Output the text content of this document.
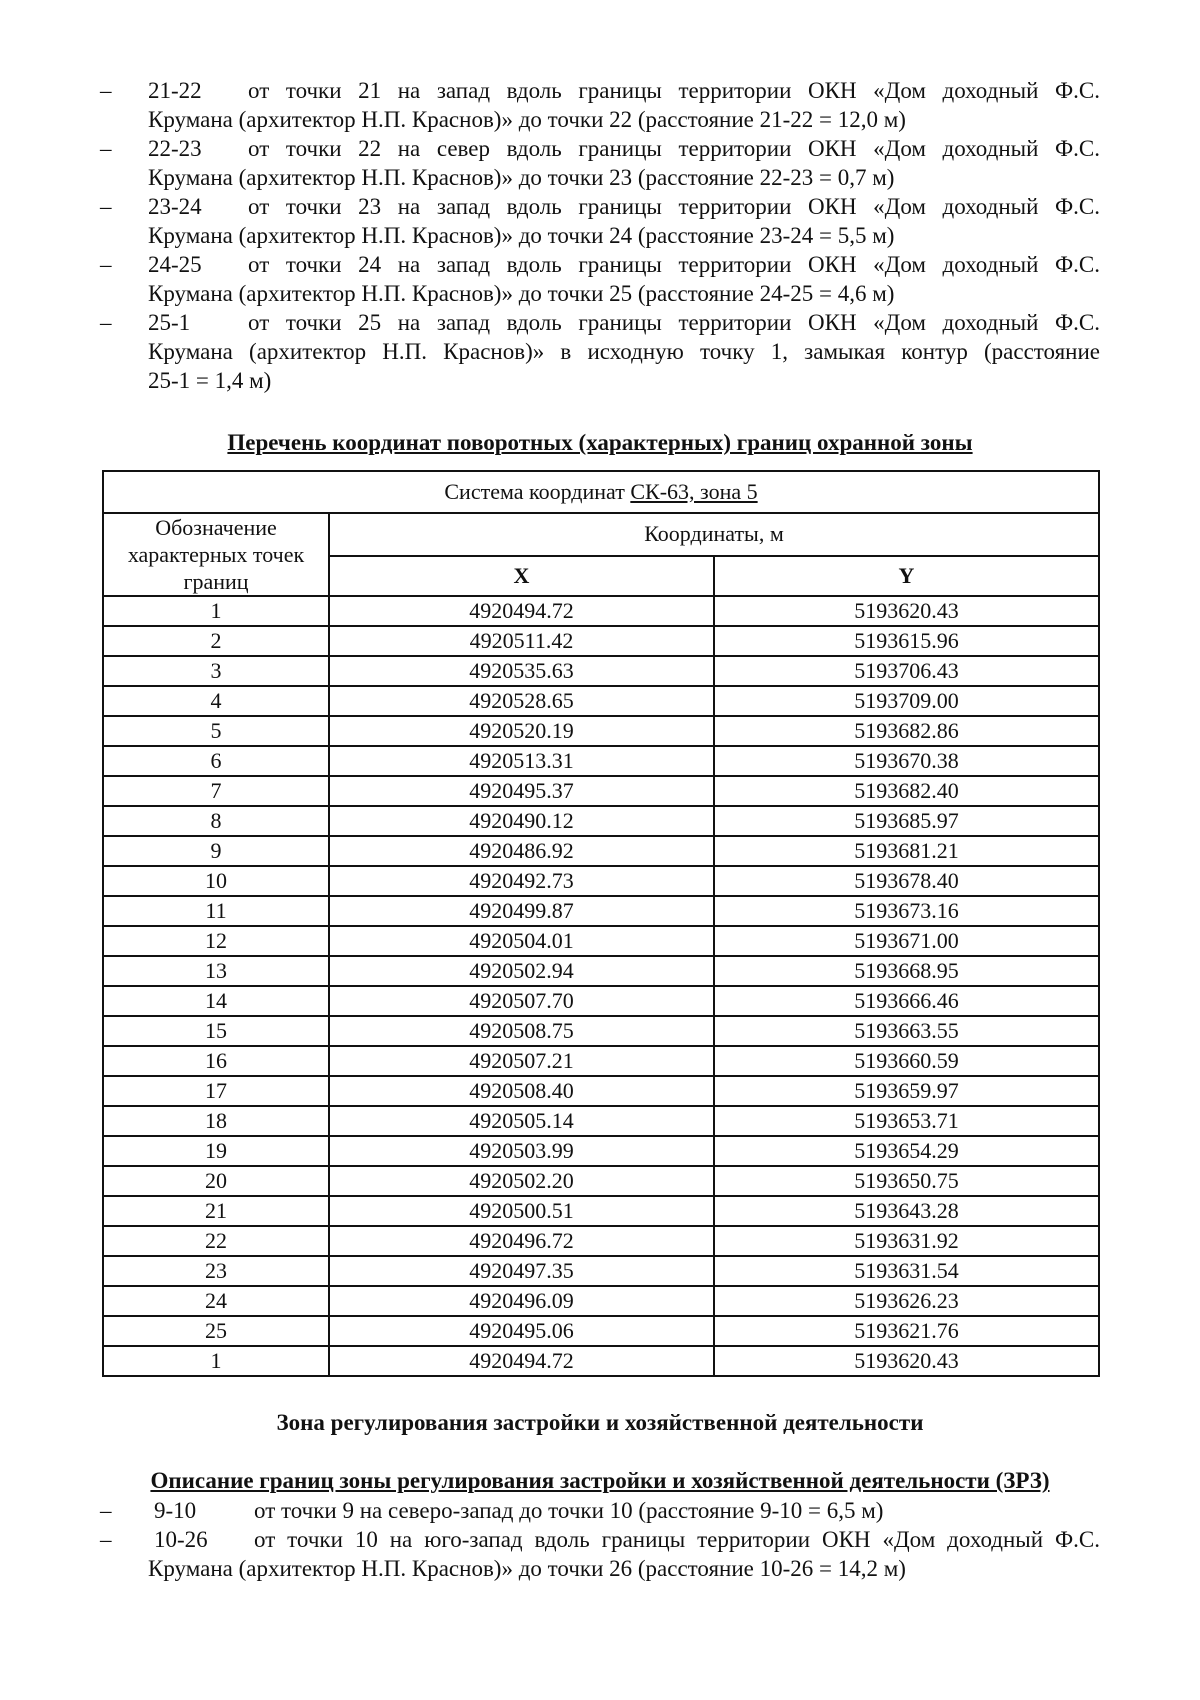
– 21-22 от точки 21 на запад вдоль границы территории ОКН «Дом доходный Ф.С.
Крумана (архитектор Н.П. Краснов)» до точки 22 (расстояние 21-22 = 12,0 м)
– 22-23 от точки 22 на север вдоль границы территории ОКН «Дом доходный Ф.С.
Крумана (архитектор Н.П. Краснов)» до точки 23 (расстояние 22-23 = 0,7 м)
– 23-24 от точки 23 на запад вдоль границы территории ОКН «Дом доходный Ф.С.
Крумана (архитектор Н.П. Краснов)» до точки 24 (расстояние 23-24 = 5,5 м)
– 24-25 от точки 24 на запад вдоль границы территории ОКН «Дом доходный Ф.С.
Крумана (архитектор Н.П. Краснов)» до точки 25 (расстояние 24-25 = 4,6 м)
– 25-1	от точки 25 на запад вдоль границы территории ОКН «Дом доходный Ф.С.
Крумана (архитектор Н.П. Краснов)» в исходную точку 1, замыкая контур (расстояние
25-1 = 1,4 м)
Перечень координат поворотных (характерных) границ охранной зоны
Система координат СК-63, зона 5		
Обозначение характерных точек границ	Координаты, м	
	X	Y
1	4920494.72	5193620.43
2	4920511.42	5193615.96
3	4920535.63	5193706.43
4	4920528.65	5193709.00
5	4920520.19	5193682.86
6	4920513.31	5193670.38
7	4920495.37	5193682.40
8	4920490.12	5193685.97
9	4920486.92	5193681.21
10	4920492.73	5193678.40
11	4920499.87	5193673.16
12	4920504.01	5193671.00
13	4920502.94	5193668.95
14	4920507.70	5193666.46
15	4920508.75	5193663.55
16	4920507.21	5193660.59
17	4920508.40	5193659.97
18	4920505.14	5193653.71
19	4920503.99	5193654.29
20	4920502.20	5193650.75
21	4920500.51	5193643.28
22	4920496.72	5193631.92
23	4920497.35	5193631.54
24	4920496.09	5193626.23
25	4920495.06	5193621.76
1	4920494.72	5193620.43
Зона регулирования застройки и хозяйственной деятельности
Описание границ зоны регулирования застройки и хозяйственной деятельности (ЗРЗ)
– 9-10	от точки 9 на северо-запад до точки 10 (расстояние 9-10 = 6,5 м)
– 10-26 от точки 10 на юго-запад вдоль границы территории ОКН «Дом доходный Ф.С.
Крумана (архитектор Н.П. Краснов)» до точки 26 (расстояние 10-26 = 14,2 м)
